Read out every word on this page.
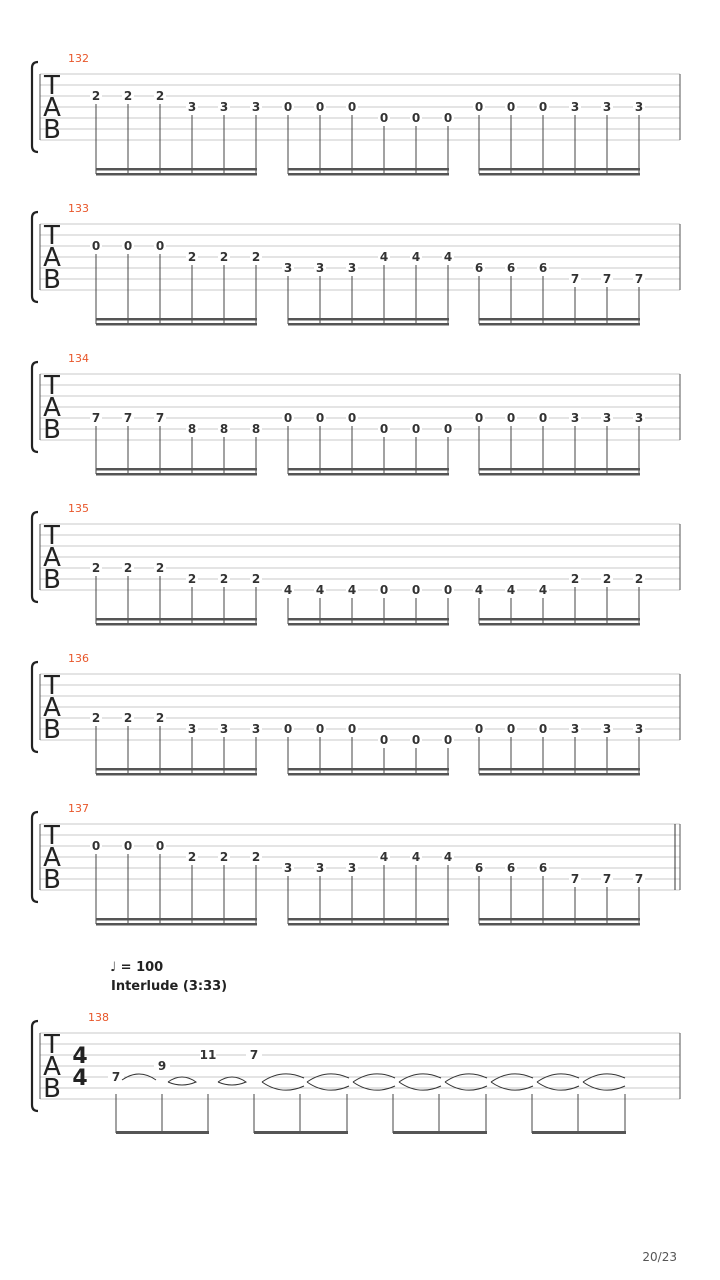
132
T
A
B
2 2 2
3 3 3 0 0 0
0 0 0
0 0 0 3 3 3
133
T
A
B
0 0 0
2 2 2
3 3 3
4 4 4
6 6 6
7 7 7
134
T
A
B	7 7 7
8 8 8
0 0 0
0 0 0
0 0 0 3 3 3
135
T
A
B	2 2 2
2 2 2
4 4 4 0 0 0 4 4 4
2 2 2
136
T
A
B	2 2 2
3 3 3 0 0 0
0 0 0
0 0 0 3 3 3
137
T
A
B
0 0 0
2 2 2
3 3 3
4 4 4
6 6 6
7 7 7
138
T
A
B
4
4 7
9
11	7
♩ = 100
Interlude (3:33)
20/23
